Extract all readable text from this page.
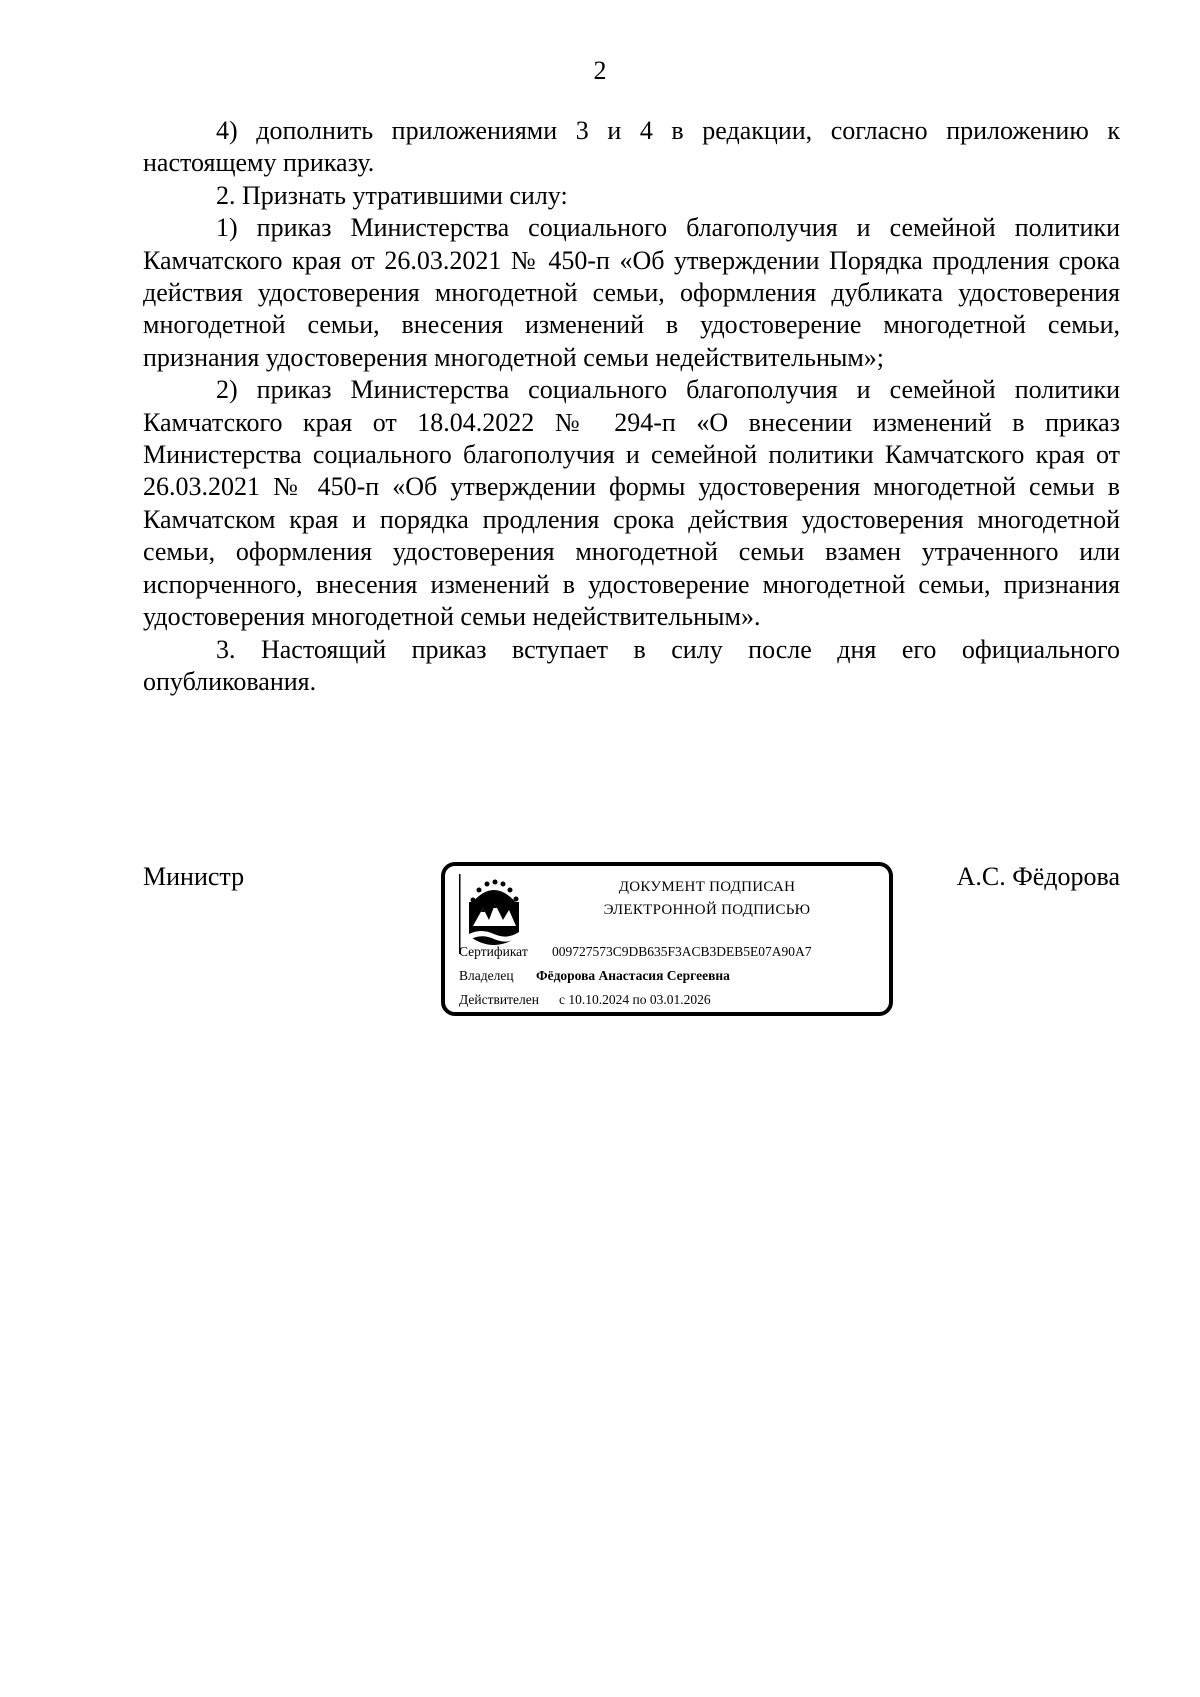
2

4) дополнить приложениями 3 и 4 в редакции, согласно приложению к настоящему приказу.

2. Признать утратившими силу:

1) приказ Министерства социального благополучия и семейной политики Камчатского края от 26.03.2021 № 450-п «Об утверждении Порядка продления срока действия удостоверения многодетной семьи, оформления дубликата удостоверения многодетной семьи, внесения изменений в удостоверение многодетной семьи, признания удостоверения многодетной семьи недействительным»;

2) приказ Министерства социального благополучия и семейной политики Камчатского края от 18.04.2022 № 294-п «О внесении изменений в приказ Министерства социального благополучия и семейной политики Камчатского края от 26.03.2021 № 450-п «Об утверждении формы удостоверения многодетной семьи в Камчатском края и порядка продления срока действия удостоверения многодетной семьи, оформления удостоверения многодетной семьи взамен утраченного или испорченного, внесения изменений в удостоверение многодетной семьи, признания удостоверения многодетной семьи недействительным».

3. Настоящий приказ вступает в силу после дня его официального опубликования.

Министр	ДОКУМЕНТ ПОДПИСАН
ЭЛЕКТРОННОЙ ПОДПИСЬЮ
Сертификат 009727573C9DB635F3ACB3DEB5E07A90A7
Владелец Фёдорова Анастасия Сергеевна
Действителен с 10.10.2024 по 03.01.2026
А.С. Фёдорова
